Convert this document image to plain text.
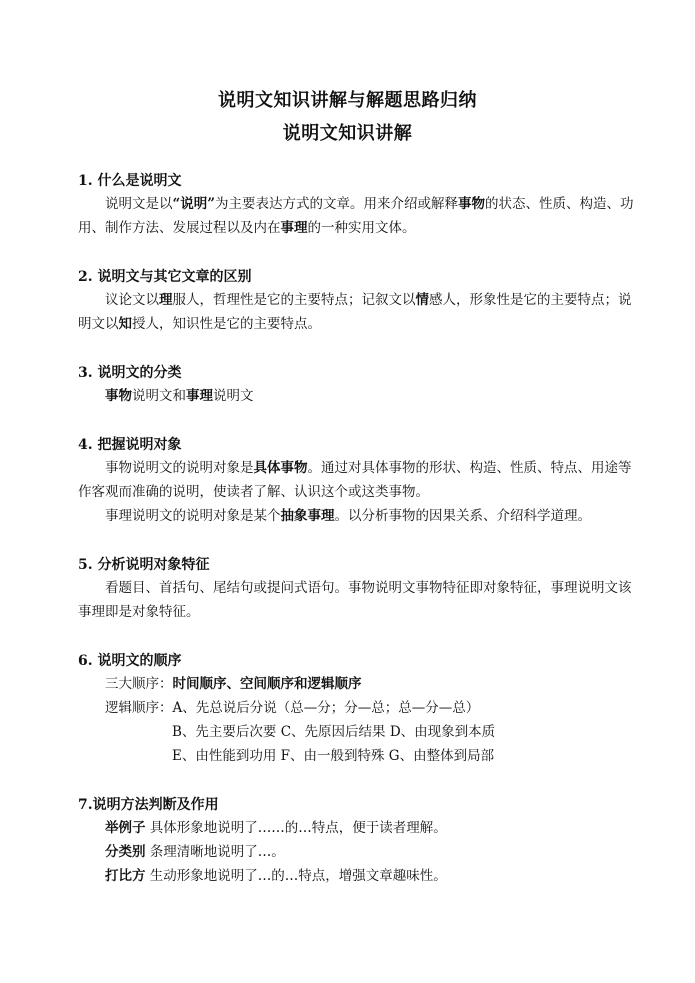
说明文知识讲解与解题思路归纳
说明文知识讲解
1. 什么是说明文

说明文是以“说明”为主要表达方式的文章。用来介绍或解释事物的状态、性质、构造、功用、制作方法、发展过程以及内在事理的一种实用文体。

2. 说明文与其它文章的区别

议论文以理服人，哲理性是它的主要特点；记叙文以情感人，形象性是它的主要特点；说明文以知授人，知识性是它的主要特点。

3. 说明文的分类
事物说明文和事理说明文
4. 把握说明对象

事物说明文的说明对象是具体事物。通过对具体事物的形状、构造、性质、特点、用途等作客观而准确的说明，使读者了解、认识这个或这类事物。

事理说明文的说明对象是某个抽象事理。以分析事物的因果关系、介绍科学道理。

5. 分析说明对象特征

看题目、首括句、尾结句或提问式语句。事物说明文事物特征即对象特征，事理说明文该事理即是对象特征。

6. 说明文的顺序
三大顺序：时间顺序、空间顺序和逻辑顺序
逻辑顺序：A、先总说后分说（总—分；分—总；总—分—总）
B、先主要后次要 C、先原因后结果 D、由现象到本质
E、由性能到功用 F、由一般到特殊 G、由整体到局部
7.说明方法判断及作用
举例子 具体形象地说明了……的…特点，便于读者理解。
分类别 条理清晰地说明了…。
打比方 生动形象地说明了…的…特点，增强文章趣味性。
